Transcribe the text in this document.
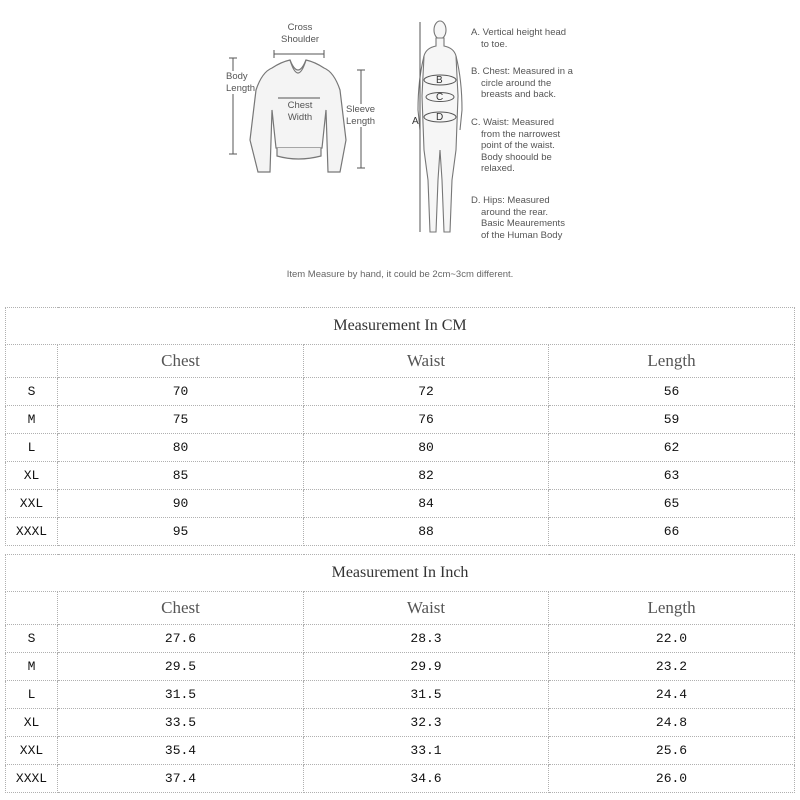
Cross
Shoulder
Body
Length
Chest
Width
Sleeve
Length	A
B
C
D
A. Vertical height head
to toe.
B. Chest: Measured in a
circle around the
breasts and back.
C. Waist: Measured
from the narrowest
point of the waist.
Body shoould be
relaxed.
D. Hips: Measured
around the rear.
Basic Meaurements
of the Human Body
Item Measure by hand, it could be 2cm~3cm different.
Measurement In CM			
	Chest	Waist	Length
S	70	72	56
M	75	76	59
L	80	80	62
XL	85	82	63
XXL	90	84	65
XXXL	95	88	66
Measurement In Inch			
	Chest	Waist	Length
S	27.6	28.3	22.0
M	29.5	29.9	23.2
L	31.5	31.5	24.4
XL	33.5	32.3	24.8
XXL	35.4	33.1	25.6
XXXL	37.4	34.6	26.0
